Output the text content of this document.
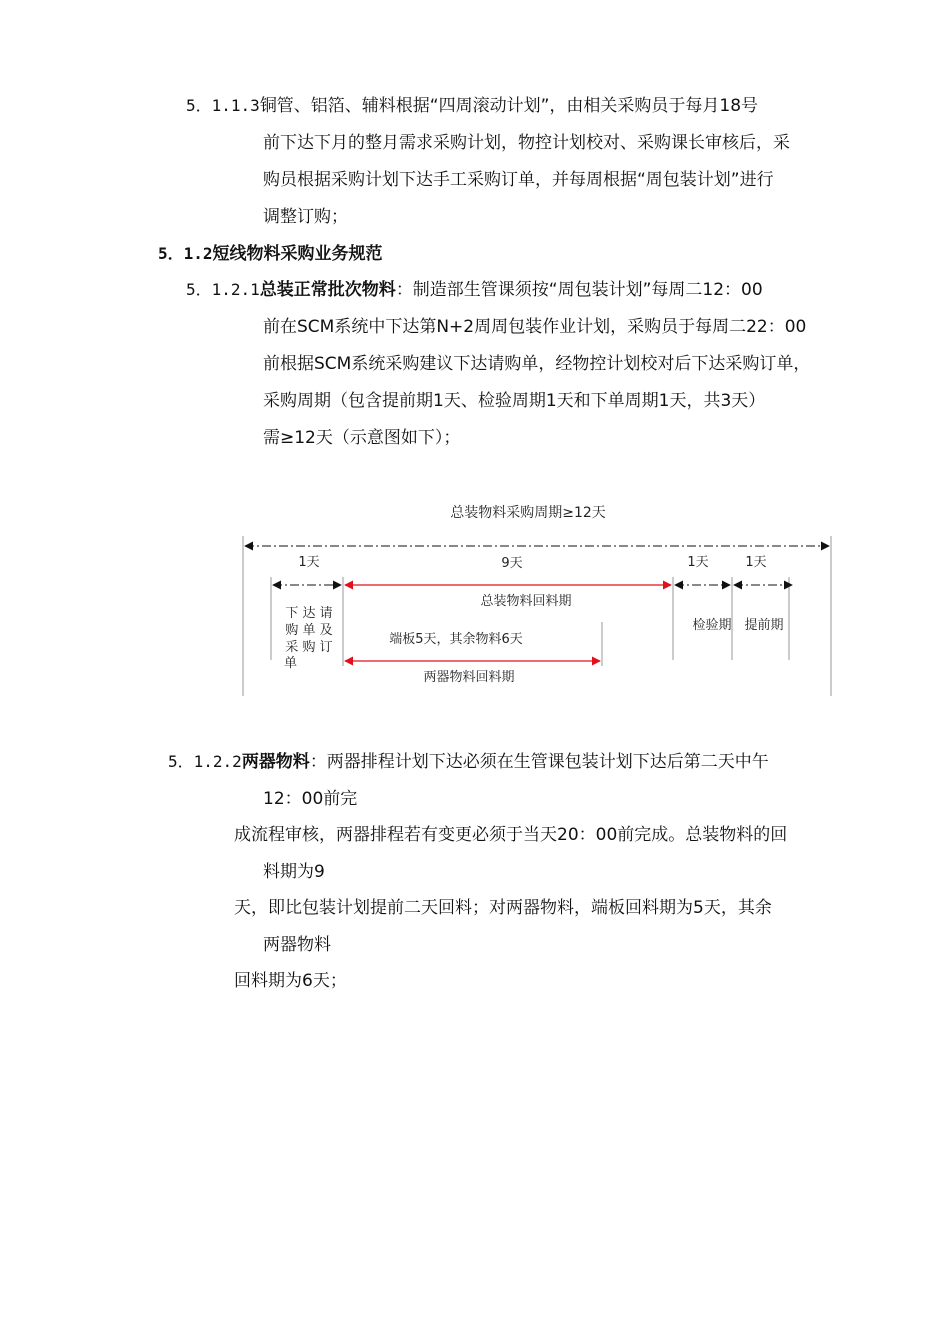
5．1.1.3铜管、铝箔、辅料根据“四周滚动计划”，由相关采购员于每月18号
前下达下月的整月需求采购计划，物控计划校对、采购课长审核后，采
购员根据采购计划下达手工采购订单，并每周根据“周包装计划”进行
调整订购；
5．1.2短线物料采购业务规范
5．1.2.1总装正常批次物料：制造部生管课须按“周包装计划”每周二12：00
前在SCM系统中下达第N+2周周包装作业计划，采购员于每周二22：00
前根据SCM系统采购建议下达请购单，经物控计划校对后下达采购订单，
采购周期（包含提前期1天、检验周期1天和下单周期1天，共3天）
需≥12天（示意图如下）；
总装物料采购周期≥12天
1天	9天	1天	1天
下 达 请
购 单 及
采 购 订
单
总装物料回料期
检验期 提前期
端板5天，其余物料6天
两器物料回料期
5．1.2.2两器物料：两器排程计划下达必须在生管课包装计划下达后第二天中午
12：00前完
成流程审核，两器排程若有变更必须于当天20：00前完成。总装物料的回
料期为9
天，即比包装计划提前二天回料；对两器物料，端板回料期为5天，其余
两器物料
回料期为6天；
